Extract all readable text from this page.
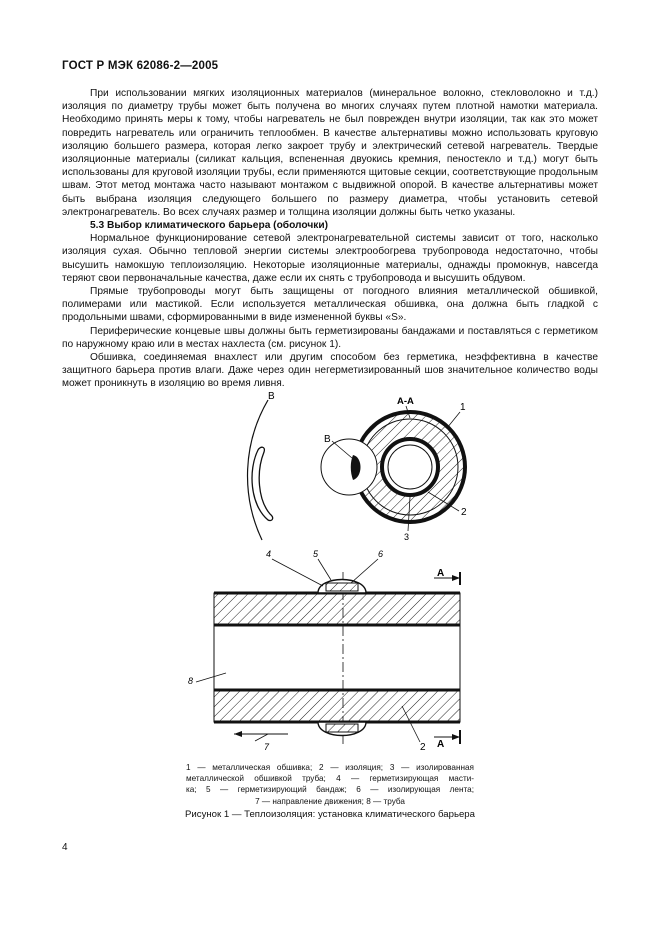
ГОСТ Р МЭК 62086-2—2005

При использовании мягких изоляционных материалов (минеральное волокно, стекловолокно и т.д.) изоляция по диаметру трубы может быть получена во многих случаях путем плотной намотки материала. Необходимо принять меры к тому, чтобы нагреватель не был поврежден внутри изоляции, так как это может повредить нагреватель или ограничить теплообмен. В качестве альтернативы можно использовать круговую изоляцию большего размера, которая легко закроет трубу и электрический сетевой нагреватель. Твердые изоляционные материалы (силикат кальция, вспененная двуокись кремния, пеностекло и т.д.) могут быть использованы для круговой изоляции трубы, если применяются щитовые секции, соответствующие продольным швам. Этот метод монтажа часто называют монтажом с выдвижной опорой. В качестве альтернативы может быть выбрана изоляция следующего большего по размеру диаметра, чтобы установить сетевой электронагреватель. Во всех случаях размер и толщина изоляции должны быть четко указаны.

5.3 Выбор климатического барьера (оболочки)

Нормальное функционирование сетевой электронагревательной системы зависит от того, насколько изоляция сухая. Обычно тепловой энергии системы электрообогрева трубопровода недостаточно, чтобы высушить намокшую теплоизоляцию. Некоторые изоляционные материалы, однажды промокнув, навсегда теряют свои первоначальные качества, даже если их снять с трубопровода и высушить обдувом.

Прямые трубопроводы могут быть защищены от погодного влияния металлической обшивкой, полимерами или мастикой. Если используется металлическая обшивка, она должна быть гладкой с продольными швами, сформированными в виде измененной буквы «S».

Периферические концевые швы должны быть герметизированы бандажами и поставляться с герметиком по наружному краю или в местах нахлеста (см. рисунок 1).

Обшивка, соединяемая внахлест или другим способом без герметика, неэффективна в качестве защитного барьера против влаги. Даже через один негерметизированный шов значительное количество воды может проникнуть в изоляцию во время ливня.

В	А-А
1
В
2
3
4	5	6
А
А
8
7	2
1 — металлическая обшивка; 2 — изоляция; 3 — изолированная
металлической обшивкой труба; 4 — герметизирующая масти-
ка; 5 — герметизирующий бандаж; 6 — изолирующая лента;
7 — направление движения; 8 — труба
Рисунок 1 — Теплоизоляция: установка климатического барьера
4
